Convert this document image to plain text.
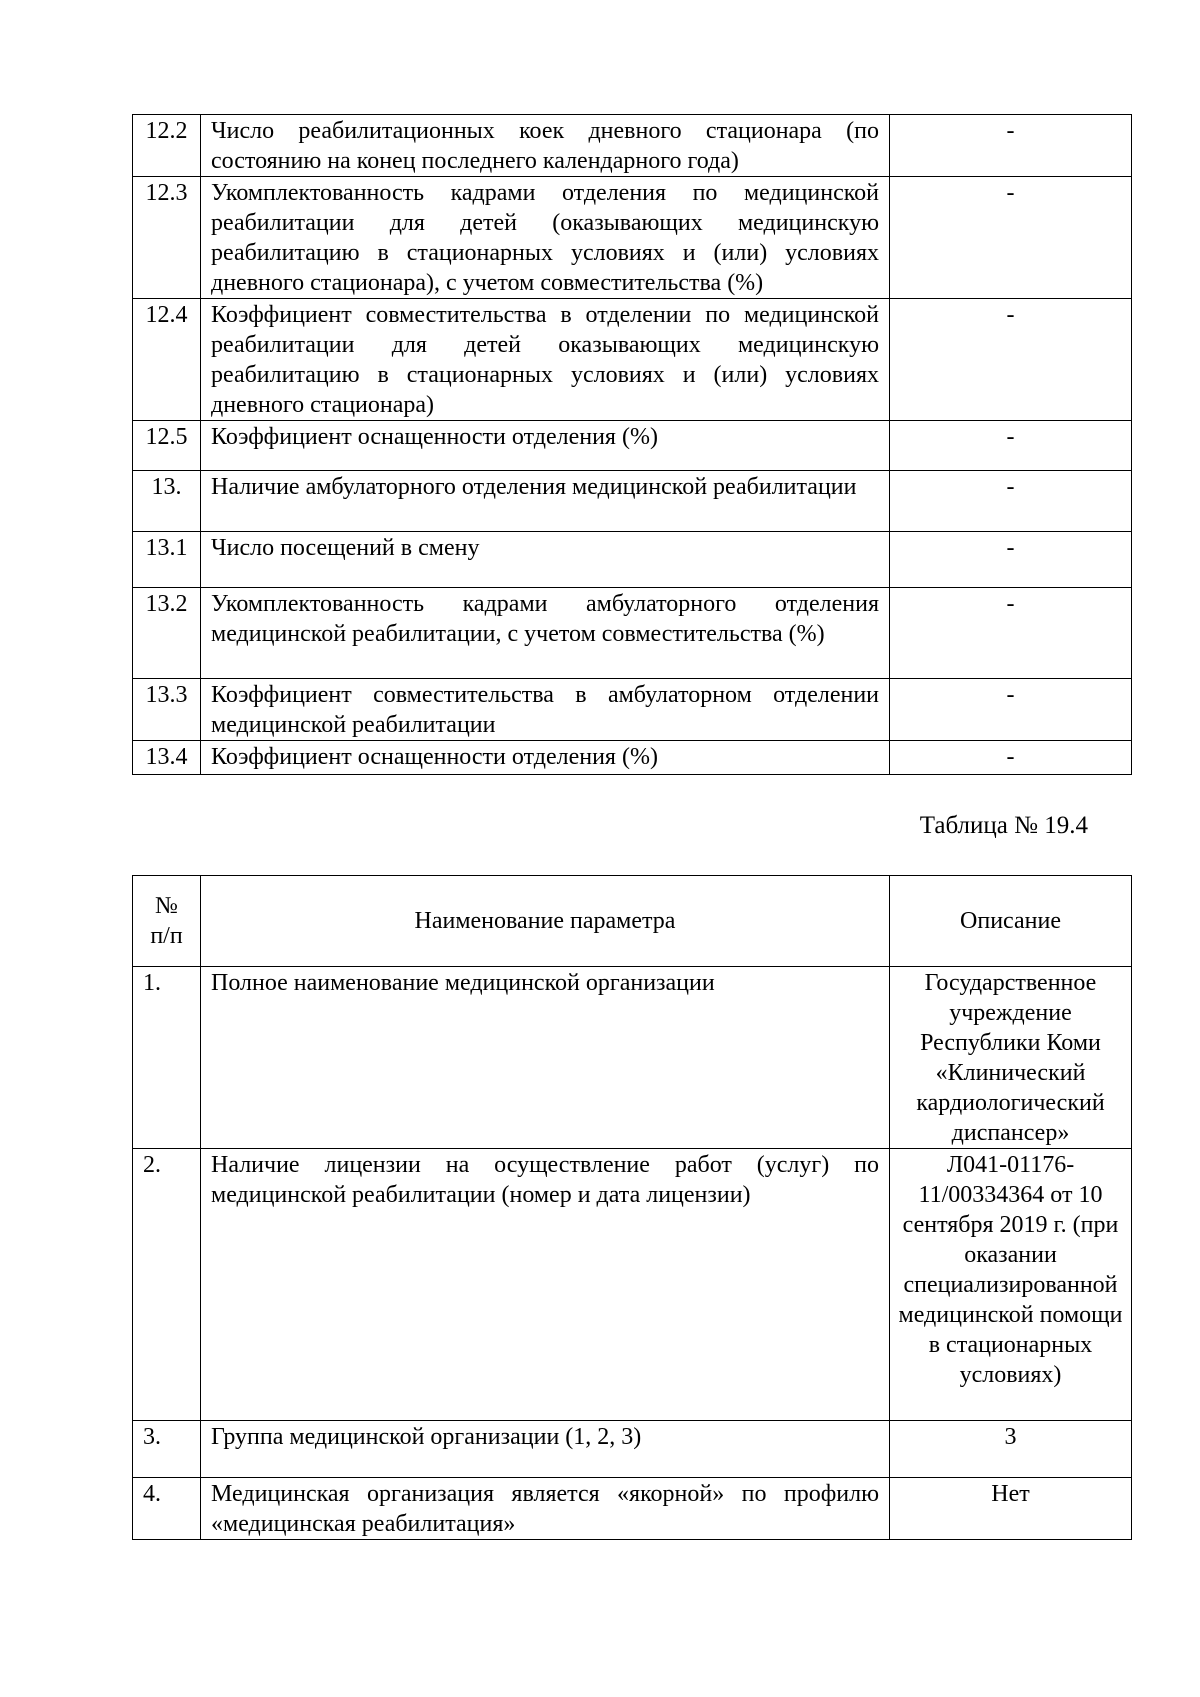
12.2	Число реабилитационных коек дневного стационара (по состоянию на конец последнего календарного года)	-
12.3	Укомплектованность кадрами отделения по медицинской реабилитации для детей (оказывающих медицинскую реабилитацию в стационарных условиях и (или) условиях дневного стационара), с учетом совместительства (%)	-
12.4	Коэффициент совместительства в отделении по медицинской реабилитации для детей оказывающих медицинскую реабилитацию в стационарных условиях и (или) условиях дневного стационара)	-
12.5	Коэффициент оснащенности отделения (%)	-
13.	Наличие амбулаторного отделения медицинской реабилитации	-
13.1	Число посещений в смену	-
13.2	Укомплектованность кадрами амбулаторного отделения медицинской реабилитации, с учетом совместительства (%)	-
13.3	Коэффициент совместительства в амбулаторном отделении медицинской реабилитации	-
13.4	Коэффициент оснащенности отделения (%)	-
Таблица № 19.4
№
п/п	Наименование параметра	Описание
1.	Полное наименование медицинской организации	Государственное учреждение Республики Коми «Клинический кардиологический диспансер»
2.	Наличие лицензии на осуществление работ (услуг) по медицинской реабилитации (номер и дата лицензии)	Л041-01176-11/00334364 от 10 сентября 2019 г. (при оказании специализированной медицинской помощи в стационарных условиях)
3.	Группа медицинской организации (1, 2, 3)	3
4.	Медицинская организация является «якорной» по профилю «медицинская реабилитация»	Нет
